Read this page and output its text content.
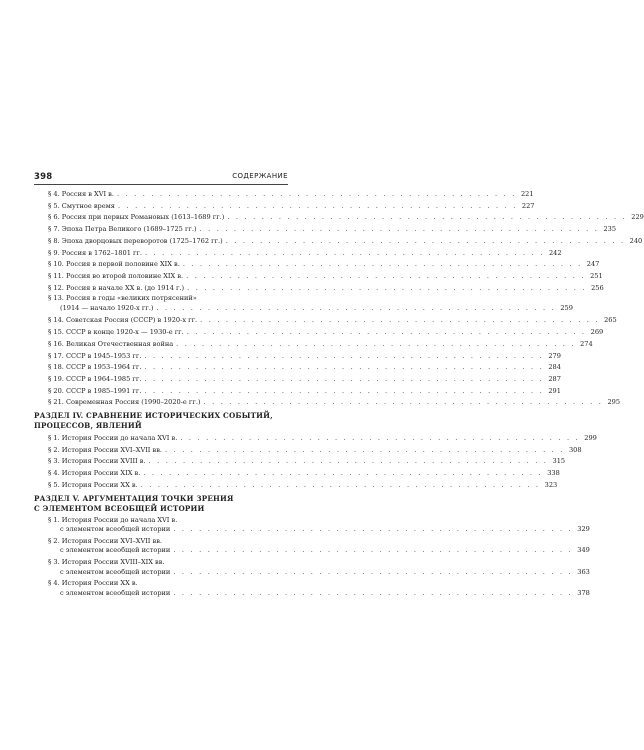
398	СОДЕРЖАНИЕ
§ 4. Россия в XVI в. . . . . . . . . . . . . . . . . . . . . . . . . . . . . . . . . . . . . . . . . . . . . . . . 221
§ 5. Смутное время . . . . . . . . . . . . . . . . . . . . . . . . . . . . . . . . . . . . . . . . . . . . . . . 227
§ 6. Россия при первых Романовых (1613–1689 гг.) . . . . . . . . . . . . . . . . . . . . . . . . . . . . . . . . . . . . . . . . . . . . . . . 229
§ 7. Эпоха Петра Великого (1689–1725 гг.) . . . . . . . . . . . . . . . . . . . . . . . . . . . . . . . . . . . . . . . . . . . . . . . 235
§ 8. Эпоха дворцовых переворотов (1725–1762 гг.) . . . . . . . . . . . . . . . . . . . . . . . . . . . . . . . . . . . . . . . . . . . . . . . 240
§ 9. Россия в 1762–1801 гг. . . . . . . . . . . . . . . . . . . . . . . . . . . . . . . . . . . . . . . . . . . . . . . . 242
§ 10. Россия в первой половине XIX в. . . . . . . . . . . . . . . . . . . . . . . . . . . . . . . . . . . . . . . . . . . . . . . . 247
§ 11. Россия во второй половине XIX в. . . . . . . . . . . . . . . . . . . . . . . . . . . . . . . . . . . . . . . . . . . . . . . . 251
§ 12. Россия в начале XX в. (до 1914 г.) . . . . . . . . . . . . . . . . . . . . . . . . . . . . . . . . . . . . . . . . . . . . . . . 256
§ 13. Россия в годы «великих потрясений»
(1914 — начало 1920-х гг.) . . . . . . . . . . . . . . . . . . . . . . . . . . . . . . . . . . . . . . . . . . . . . . . 259
§ 14. Советская Россия (СССР) в 1920-х гг. . . . . . . . . . . . . . . . . . . . . . . . . . . . . . . . . . . . . . . . . . . . . . . . 265
§ 15. СССР в конце 1920-х — 1930-е гг. . . . . . . . . . . . . . . . . . . . . . . . . . . . . . . . . . . . . . . . . . . . . . . . 269
§ 16. Великая Отечественная война . . . . . . . . . . . . . . . . . . . . . . . . . . . . . . . . . . . . . . . . . . . . . . . 274
§ 17. СССР в 1945–1953 гг. . . . . . . . . . . . . . . . . . . . . . . . . . . . . . . . . . . . . . . . . . . . . . . . 279
§ 18. СССР в 1953–1964 гг. . . . . . . . . . . . . . . . . . . . . . . . . . . . . . . . . . . . . . . . . . . . . . . . 284
§ 19. СССР в 1964–1985 гг. . . . . . . . . . . . . . . . . . . . . . . . . . . . . . . . . . . . . . . . . . . . . . . . 287
§ 20. СССР в 1985–1991 гг. . . . . . . . . . . . . . . . . . . . . . . . . . . . . . . . . . . . . . . . . . . . . . . . 291
§ 21. Современная Россия (1990–2020-е гг.) . . . . . . . . . . . . . . . . . . . . . . . . . . . . . . . . . . . . . . . . . . . . . . . 295
РАЗДЕЛ IV. СРАВНЕНИЕ ИСТОРИЧЕСКИХ СОБЫТИЙ,
ПРОЦЕССОВ, ЯВЛЕНИЙ
§ 1. История России до начала XVI в. . . . . . . . . . . . . . . . . . . . . . . . . . . . . . . . . . . . . . . . . . . . . . . . 299
§ 2. История России XVI–XVII вв. . . . . . . . . . . . . . . . . . . . . . . . . . . . . . . . . . . . . . . . . . . . . . . . 308
§ 3. История России XVIII в. . . . . . . . . . . . . . . . . . . . . . . . . . . . . . . . . . . . . . . . . . . . . . . . 315
§ 4. История России XIX в. . . . . . . . . . . . . . . . . . . . . . . . . . . . . . . . . . . . . . . . . . . . . . . . 338
§ 5. История России XX в. . . . . . . . . . . . . . . . . . . . . . . . . . . . . . . . . . . . . . . . . . . . . . . . 323
РАЗДЕЛ V. АРГУМЕНТАЦИЯ ТОЧКИ ЗРЕНИЯ
С ЭЛЕМЕНТОМ ВСЕОБЩЕЙ ИСТОРИИ
§ 1. История России до начала XVI в.
с элементом всеобщей истории . . . . . . . . . . . . . . . . . . . . . . . . . . . . . . . . . . . . . . . . . . . . . . . 329
§ 2. История России XVI–XVII вв.
с элементом всеобщей истории . . . . . . . . . . . . . . . . . . . . . . . . . . . . . . . . . . . . . . . . . . . . . . . 349
§ 3. История России XVIII–XIX вв.
с элементом всеобщей истории . . . . . . . . . . . . . . . . . . . . . . . . . . . . . . . . . . . . . . . . . . . . . . . 363
§ 4. История России XX в.
с элементом всеобщей истории . . . . . . . . . . . . . . . . . . . . . . . . . . . . . . . . . . . . . . . . . . . . . . . 378
